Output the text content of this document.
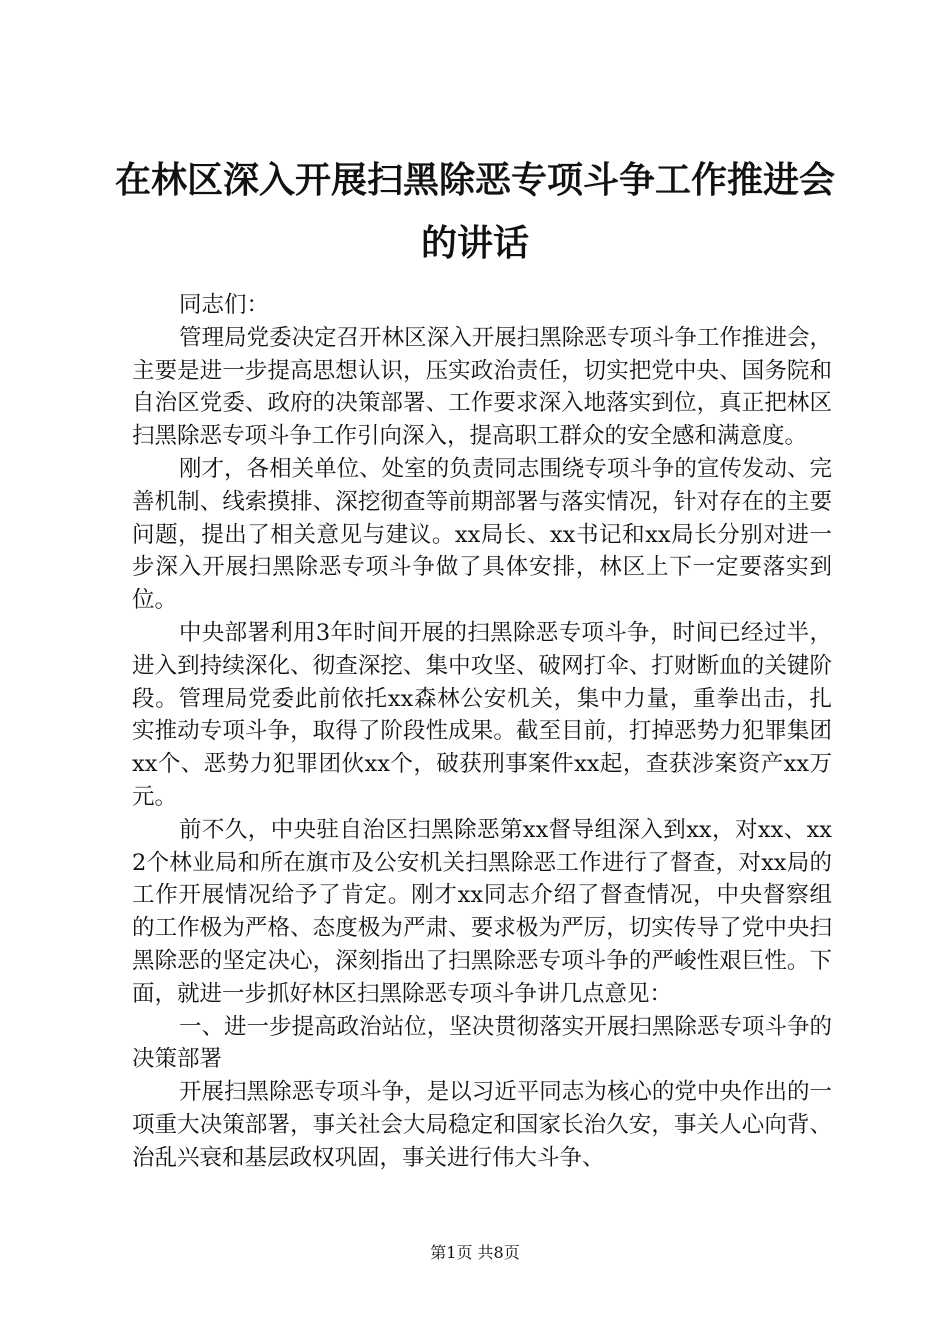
在林区深入开展扫黑除恶专项斗争工作推进会
的讲话

同志们：

管理局党委决定召开林区深入开展扫黑除恶专项斗争工作推进会，主要是进一步提高思想认识，压实政治责任，切实把党中央、国务院和自治区党委、政府的决策部署、工作要求深入地落实到位，真正把林区扫黑除恶专项斗争工作引向深入，提高职工群众的安全感和满意度。

刚才，各相关单位、处室的负责同志围绕专项斗争的宣传发动、完善机制、线索摸排、深挖彻查等前期部署与落实情况，针对存在的主要问题，提出了相关意见与建议。xx局长、xx书记和xx局长分别对进一步深入开展扫黑除恶专项斗争做了具体安排，林区上下一定要落实到位。

中央部署利用3年时间开展的扫黑除恶专项斗争，时间已经过半，进入到持续深化、彻查深挖、集中攻坚、破网打伞、打财断血的关键阶段。管理局党委此前依托xx森林公安机关，集中力量，重拳出击，扎实推动专项斗争，取得了阶段性成果。截至目前，打掉恶势力犯罪集团xx个、恶势力犯罪团伙xx个，破获刑事案件xx起，查获涉案资产xx万元。

前不久，中央驻自治区扫黑除恶第xx督导组深入到xx，对xx、xx2个林业局和所在旗市及公安机关扫黑除恶工作进行了督查，对xx局的工作开展情况给予了肯定。刚才xx同志介绍了督查情况，中央督察组的工作极为严格、态度极为严肃、要求极为严厉，切实传导了党中央扫黑除恶的坚定决心，深刻指出了扫黑除恶专项斗争的严峻性艰巨性。下面，就进一步抓好林区扫黑除恶专项斗争讲几点意见：

一、进一步提高政治站位，坚决贯彻落实开展扫黑除恶专项斗争的决策部署

开展扫黑除恶专项斗争，是以习近平同志为核心的党中央作出的一项重大决策部署，事关社会大局稳定和国家长治久安，事关人心向背、治乱兴衰和基层政权巩固，事关进行伟大斗争、

第1页 共8页
